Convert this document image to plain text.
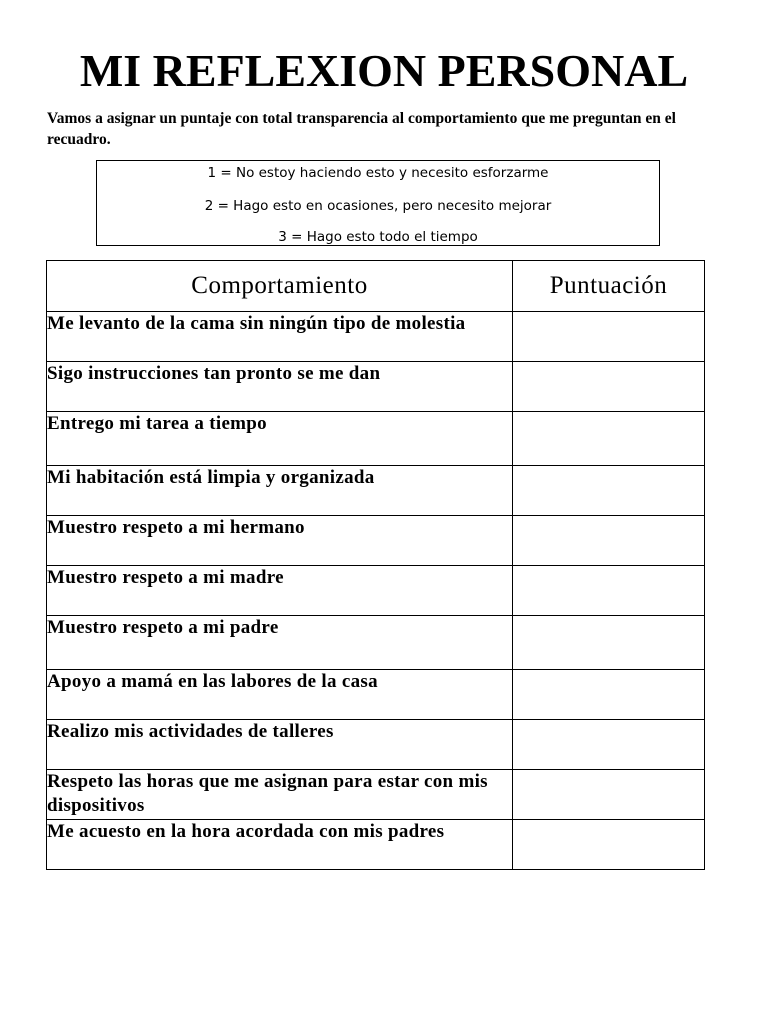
MI REFLEXION PERSONAL
Vamos a asignar un puntaje con total transparencia al comportamiento que me preguntan en el recuadro.
1 = No estoy haciendo esto y necesito esforzarme
2 = Hago esto en ocasiones, pero necesito mejorar
3 = Hago esto todo el tiempo
Comportamiento	Puntuación
Me levanto de la cama sin ningún tipo de molestia	
Sigo instrucciones tan pronto se me dan	
Entrego mi tarea a tiempo	
Mi habitación está limpia y organizada	
Muestro respeto a mi hermano	
Muestro respeto a mi madre	
Muestro respeto a mi padre	
Apoyo a mamá en las labores de la casa	
Realizo mis actividades de talleres	
Respeto las horas que me asignan para estar con mis dispositivos	
Me acuesto en la hora acordada con mis padres	
